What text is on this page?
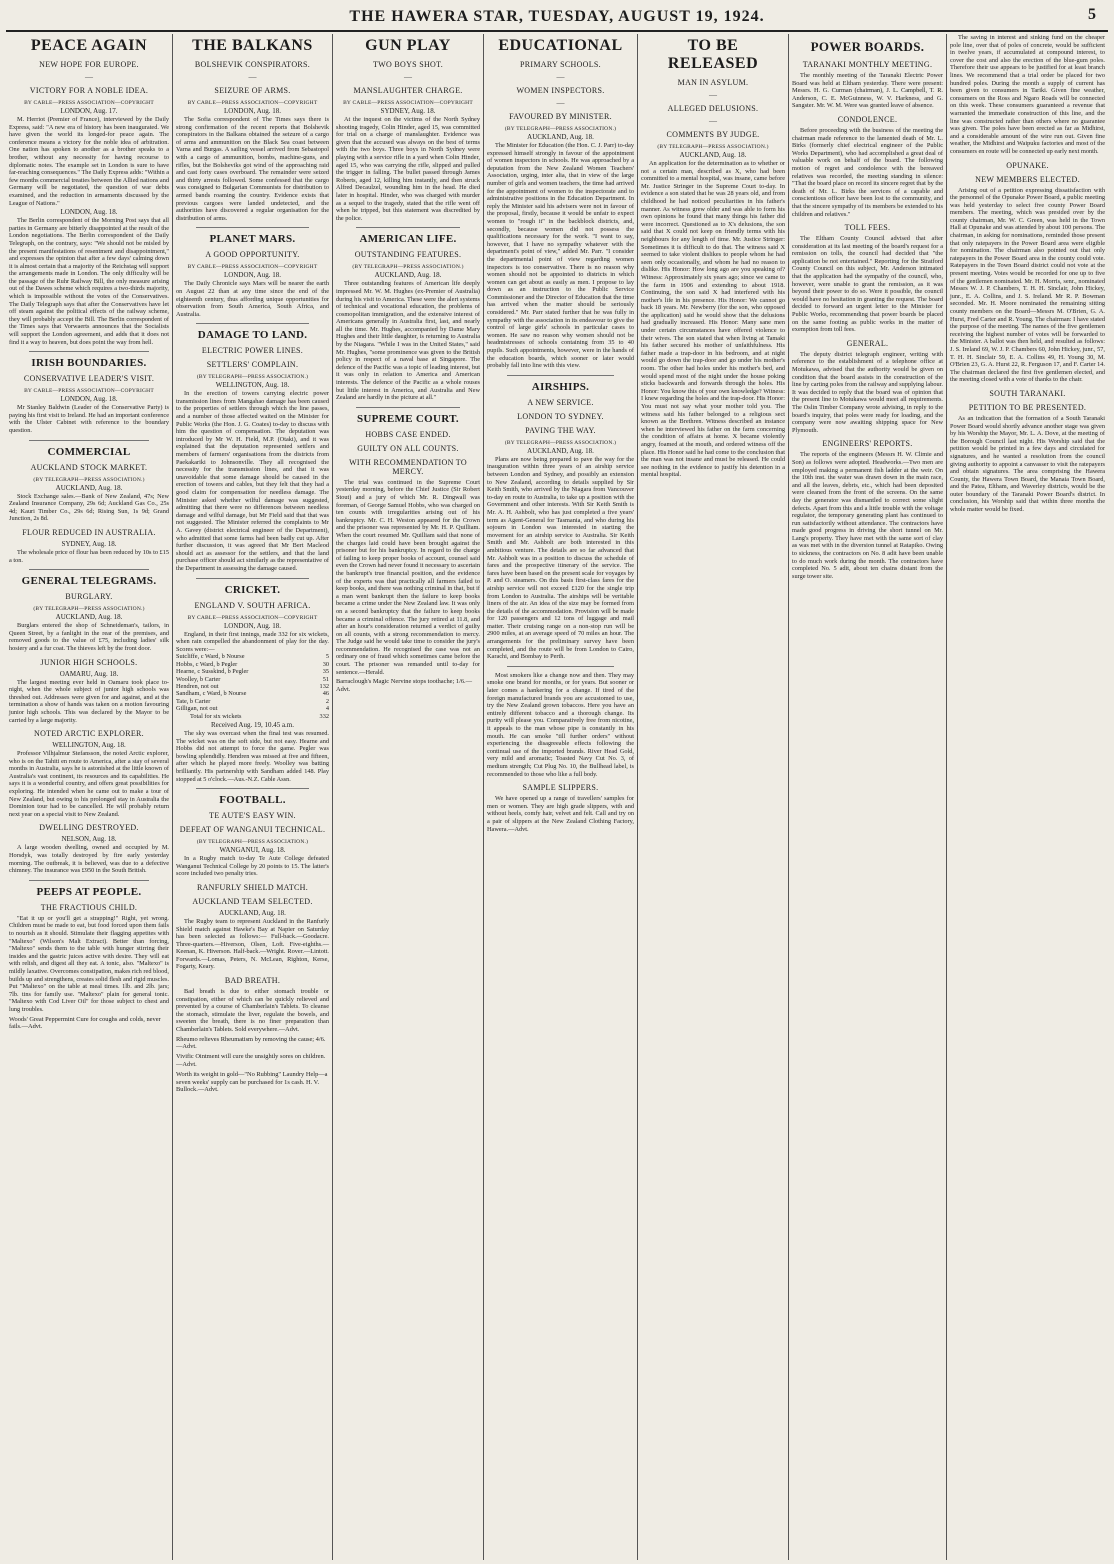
THE HAWERA STAR, TUESDAY, AUGUST 19, 1924.	5
PEACE AGAIN
NEW HOPE FOR EUROPE.
—
VICTORY FOR A NOBLE IDEA.
BY CABLE—PRESS ASSOCIATION—COPYRIGHT
LONDON, Aug. 17.

M. Herriot (Premier of France), interviewed by the Daily Express, said: "A new era of history has been inaugurated. We have given the world its longed-for peace again. The conference means a victory for the noble idea of arbitration. One nation has spoken to another as a brother speaks to a brother, without any necessity for having recourse to diplomatic notes. The example set in London is sure to have far-reaching consequences." The Daily Express adds: "Within a few months commercial treaties between the Allied nations and Germany will be negotiated, the question of war debts examined, and the reduction in armaments discussed by the League of Nations."

LONDON, Aug. 18.

The Berlin correspondent of the Morning Post says that all parties in Germany are bitterly disappointed at the result of the London negotiations. The Berlin correspondent of the Daily Telegraph, on the contrary, says: "We should not be misled by the present manifestations of resentment and disappointment," and expresses the opinion that after a few days' calming down it is almost certain that a majority of the Reichstag will support the arrangements made in London. The only difficulty will be the passage of the Ruhr Railway Bill, the only measure arising out of the Dawes scheme which requires a two-thirds majority, which is impossible without the votes of the Conservatives. The Daily Telegraph says that after the Conservatives have let off steam against the political effects of the railway scheme, they will probably accept the Bill. The Berlin correspondent of the Times says that Vorwaerts announces that the Socialists will support the London agreement, and adds that it does not find it a way to heaven, but does point the way from hell.

IRISH BOUNDARIES.
CONSERVATIVE LEADER'S VISIT.
BY CABLE—PRESS ASSOCIATION—COPYRIGHT
LONDON, Aug. 18.

Mr Stanley Baldwin (Leader of the Conservative Party) is paying his first visit to Ireland. He had an important conference with the Ulster Cabinet with reference to the boundary question.

COMMERCIAL
AUCKLAND STOCK MARKET.
(BY TELEGRAPH—PRESS ASSOCIATION.)
AUCKLAND, Aug. 18.

Stock Exchange sales.—Bank of New Zealand, 47s; New Zealand Insurance Company, 29s 6d; Auckland Gas Co., 25s 4d; Kauri Timber Co., 29s 6d; Rising Sun, 1s 9d; Grand Junction, 2s 8d.

FLOUR REDUCED IN AUSTRALIA.
SYDNEY, Aug. 18.

The wholesale price of flour has been reduced by 10s to £15 a ton.

GENERAL TELEGRAMS.
BURGLARY.
(BY TELEGRAPH—PRESS ASSOCIATION.)
AUCKLAND, Aug. 18.

Burglars entered the shop of Schneideman's, tailors, in Queen Street, by a fanlight in the rear of the premises, and removed goods to the value of £75, including ladies' silk hosiery and a fur coat. The thieves left by the front door.

JUNIOR HIGH SCHOOLS.
OAMARU, Aug. 18.

The largest meeting ever held in Oamaru took place to-night, when the whole subject of junior high schools was threshed out. Addresses were given for and against, and at the termination a show of hands was taken on a motion favouring junior high schools. This was declared by the Mayor to be carried by a large majority.

NOTED ARCTIC EXPLORER.
WELLINGTON, Aug. 18.

Professor Vilhjalmur Stefansson, the noted Arctic explorer, who is on the Tahiti en route to America, after a stay of several months in Australia, says he is astonished at the little known of Australia's vast continent, its resources and its capabilities. He says it is a wonderful country, and offers great possibilities for exploring. He intended when he came out to make a tour of New Zealand, but owing to his prolonged stay in Australia the Dominion tour had to be cancelled. He will probably return next year on a special visit to New Zealand.

DWELLING DESTROYED.
NELSON, Aug. 18.

A large wooden dwelling, owned and occupied by M. Horsdyk, was totally destroyed by fire early yesterday morning. The outbreak, it is believed, was due to a defective chimney. The insurance was £950 in the South British.

PEEPS AT PEOPLE.
THE FRACTIOUS CHILD.

"Eat it up or you'll get a strapping!" Right, yet wrong. Children must be made to eat, but food forced upon them fails to nourish as it should. Stimulate their flagging appetites with "Maltexo" (Wilson's Malt Extract). Better than forcing, "Maltexo" sends them to the table with hunger stirring their insides and the gastric juices active with desire. They will eat with relish, and digest all they eat. A tonic, also. "Maltexo" is mildly laxative. Overcomes constipation, makes rich red blood, builds up and strengthens, creates solid flesh and rigid muscles. Put "Maltexo" on the table at meal times. 1lb. and 2lb. jars; 7lb. tins for family use. "Maltexo" plain for general tonic. "Maltexo with Cod Liver Oil" for those subject to chest and lung troubles.

Woods' Great Peppermint Cure for coughs and colds, never fails.—Advt.
THE BALKANS
BOLSHEVIK CONSPIRATORS.
—
SEIZURE OF ARMS.
BY CABLE—PRESS ASSOCIATION—COPYRIGHT
LONDON, Aug. 18.

The Sofia correspondent of The Times says there is strong confirmation of the recent reports that Bolshevik conspirators in the Balkans obtained the seizure of a cargo of arms and ammunition on the Black Sea coast between Varna and Burgas. A sailing vessel arrived from Sebastopol with a cargo of ammunition, bombs, machine-guns, and rifles, but the Bolsheviks got wind of the approaching raid and cast forty cases overboard. The remainder were seized and thirty arrests followed. Some confessed that the cargo was consigned to Bulgarian Communists for distribution to armed bands roaming the country. Evidence exists that previous cargoes were landed undetected, and the authorities have discovered a regular organisation for the distribution of arms.

PLANET MARS.
A GOOD OPPORTUNITY.
BY CABLE—PRESS ASSOCIATION—COPYRIGHT
LONDON, Aug. 18.

The Daily Chronicle says Mars will be nearer the earth on August 22 than at any time since the end of the eighteenth century, thus affording unique opportunities for observation from South America, South Africa, and Australia.

DAMAGE TO LAND.
ELECTRIC POWER LINES.
SETTLERS' COMPLAIN.
(BY TELEGRAPH—PRESS ASSOCIATION.)
WELLINGTON, Aug. 18.

In the erection of towers carrying electric power transmission lines from Mangahao damage has been caused to the properties of settlers through which the line passes, and a number of those affected waited on the Minister for Public Works (the Hon. J. G. Coates) to-day to discuss with him the question of compensation. The deputation was introduced by Mr W. H. Field, M.P. (Otaki), and it was explained that the deputation represented settlers and members of farmers' organisations from the districts from Paekakariki to Johnsonville. They all recognised the necessity for the transmission lines, and that it was unavoidable that some damage should be caused in the erection of towers and cables, but they felt that they had a good claim for compensation for needless damage. The Minister asked whether wilful damage was suggested, admitting that there were no differences between needless damage and wilful damage, but Mr Field said that that was not suggested. The Minister referred the complaints to Mr A. Gavey (district electrical engineer of the Department), who admitted that some farms had been badly cut up. After further discussion, it was agreed that Mr Bert Macleod should act as assessor for the settlers, and that the land purchase officer should act similarly as the representative of the Department in assessing the damage caused.

CRICKET.
ENGLAND V. SOUTH AFRICA.
BY CABLE—PRESS ASSOCIATION—COPYRIGHT
LONDON, Aug. 18.

England, in their first innings, made 332 for six wickets, when rain compelled the abandonment of play for the day. Scores were:—

Sutcliffe, c Ward, b Nourse	5
Hobbs, c Ward, b Pegler	30
Hearne, c Susskind, b Pegler	35
Woolley, b Carter	51
Hendren, not out	132
Sandham, c Ward, b Nourse	46
Tate, b Carter	2
Gilligan, not out	4
Total for six wickets	332
Received Aug. 19, 10.45 a.m.

The sky was overcast when the final test was resumed. The wicket was on the soft side, but not easy. Hearne and Hobbs did not attempt to force the game. Pegler was bowling splendidly. Hendren was missed at five and fifteen, after which he played more freely. Woolley was batting brilliantly. His partnership with Sandham added 148. Play stopped at 5 o'clock.—Aus.-N.Z. Cable Assn.

FOOTBALL.
TE AUTE'S EASY WIN.
DEFEAT OF WANGANUI TECHNICAL.
(BY TELEGRAPH—PRESS ASSOCIATION.)
WANGANUI, Aug. 18.

In a Rugby match to-day Te Aute College defeated Wanganui Technical College by 20 points to 15. The latter's score included two penalty tries.

RANFURLY SHIELD MATCH.
AUCKLAND TEAM SELECTED.
AUCKLAND, Aug. 18.

The Rugby team to represent Auckland in the Ranfurly Shield match against Hawke's Bay at Napier on Saturday has been selected as follows:— Full-back.—Goodacre. Three-quarters.—Hiverson, Olsen, Loft. Five-eighths.—Keenan, K. Hiverson. Half-back.—Wright. Rover.—Lintott. Forwards.—Lomas, Peters, N. McLean, Righton, Kerse, Fogarty, Keary.

BAD BREATH.

Bad breath is due to either stomach trouble or constipation, either of which can be quickly relieved and prevented by a course of Chamberlain's Tablets. To cleanse the stomach, stimulate the liver, regulate the bowels, and sweeten the breath, there is no finer preparation than Chamberlain's Tablets. Sold everywhere.—Advt.

Rheumo relieves Rheumatism by removing the cause; 4/6.—Advt.
Vivific Ointment will cure the unsightly sores on children.—Advt.
Worth its weight in gold—"No Rubbing" Laundry Help—a seven weeks' supply can be purchased for 1s cash. H. V. Bullock.—Advt.
GUN PLAY
TWO BOYS SHOT.
—
MANSLAUGHTER CHARGE.
BY CABLE—PRESS ASSOCIATION—COPYRIGHT
SYDNEY, Aug. 18.

At the inquest on the victims of the North Sydney shooting tragedy, Colin Hinder, aged 15, was committed for trial on a charge of manslaughter. Evidence was given that the accused was always on the best of terms with the two boys. Three boys in North Sydney were playing with a service rifle in a yard when Colin Hinder, aged 15, who was carrying the rifle, slipped and pulled the trigger in falling. The bullet passed through James Roberts, aged 12, killing him instantly, and then struck Alfred Decaulzel, wounding him in the head. He died later in hospital. Hinder, who was charged with murder as a sequel to the tragedy, stated that the rifle went off when he tripped, but this statement was discredited by the police.

AMERICAN LIFE.
OUTSTANDING FEATURES.
(BY TELEGRAPH—PRESS ASSOCIATION.)
AUCKLAND, Aug. 18.

Three outstanding features of American life deeply impressed Mr. W. M. Hughes (ex-Premier of Australia) during his visit to America. These were the alert systems of technical and vocational education, the problems of cosmopolitan immigration, and the extensive interest of Americans generally in Australia first, last, and nearly all the time. Mr. Hughes, accompanied by Dame Mary Hughes and their little daughter, is returning to Australia by the Niagara. "While I was in the United States," said Mr. Hughes, "some prominence was given to the British policy in respect of a naval base at Singapore. The defence of the Pacific was a topic of leading interest, but it was only in relation to America and American interests. The defence of the Pacific as a whole rouses but little interest in America, and Australia and New Zealand are hardly in the picture at all."

SUPREME COURT.
HOBBS CASE ENDED.
GUILTY ON ALL COUNTS.
WITH RECOMMENDATION TO MERCY.

The trial was continued in the Supreme Court yesterday morning, before the Chief Justice (Sir Robert Stout) and a jury of which Mr. R. Dingwall was foreman, of George Samuel Hobbs, who was charged on ten counts with irregularities arising out of his bankruptcy. Mr. C. H. Weston appeared for the Crown and the prisoner was represented by Mr. H. P. Quilliam. When the court resumed Mr. Quilliam said that none of the charges laid could have been brought against the prisoner but for his bankruptcy. In regard to the charge of failing to keep proper books of account, counsel said even the Crown had never found it necessary to ascertain the bankrupt's true financial position, and the evidence of the experts was that practically all farmers failed to keep books, and there was nothing criminal in that, but if a man went bankrupt then the failure to keep books became a crime under the New Zealand law. It was only on a second bankruptcy that the failure to keep books became a criminal offence. The jury retired at 11.8, and after an hour's consideration returned a verdict of guilty on all counts, with a strong recommendation to mercy. The Judge said he would take time to consider the jury's recommendation. He recognised the case was not an ordinary one of fraud which sometimes came before the court. The prisoner was remanded until to-day for sentence.—Herald.

Barraclough's Magic Nervine stops toothache; 1/6.—Advt.
EDUCATIONAL
PRIMARY SCHOOLS.
—
WOMEN INSPECTORS.
—
FAVOURED BY MINISTER.
(BY TELEGRAPH—PRESS ASSOCIATION.)
AUCKLAND, Aug. 18.

The Minister for Education (the Hon. C. J. Parr) to-day expressed himself strongly in favour of the appointment of women inspectors in schools. He was approached by a deputation from the New Zealand Women Teachers' Association, urging, inter alia, that in view of the large number of girls and women teachers, the time had arrived for the appointment of women to the inspectorate and to administrative positions in the Education Department. In reply the Minister said his advisers were not in favour of the proposal, firstly, because it would be unfair to expect women to "rough it" in the backblock districts, and, secondly, because women did not possess the qualifications necessary for the work. "I want to say, however, that I have no sympathy whatever with the department's point of view," added Mr. Parr. "I consider the departmental point of view regarding women inspectors is too conservative. There is no reason why women should not be appointed to districts in which women can get about as easily as men. I propose to lay down as an instruction to the Public Service Commissioner and the Director of Education that the time has arrived when the matter should be seriously considered." Mr. Parr stated further that he was fully in sympathy with the association in its endeavour to give the control of large girls' schools in particular cases to women. He saw no reason why women should not be headmistresses of schools containing from 35 to 40 pupils. Such appointments, however, were in the hands of the education boards, which sooner or later would probably fall into line with this view.

AIRSHIPS.
A NEW SERVICE.
LONDON TO SYDNEY.
PAVING THE WAY.
(BY TELEGRAPH—PRESS ASSOCIATION.)
AUCKLAND, Aug. 18.

Plans are now being prepared to pave the way for the inauguration within three years of an airship service between London and Sydney, and possibly an extension to New Zealand, according to details supplied by Sir Keith Smith, who arrived by the Niagara from Vancouver to-day en route to Australia, to take up a position with the Government and other interests. With Sir Keith Smith is Mr. A. H. Ashbolt, who has just completed a five years' term as Agent-General for Tasmania, and who during his sojourn in London was interested in starting the movement for an airship service to Australia. Sir Keith Smith and Mr. Ashbolt are both interested in this ambitious venture. The details are so far advanced that Mr. Ashbolt was in a position to discuss the schedule of fares and the prospective itinerary of the service. The fares have been based on the present scale for voyages by P. and O. steamers. On this basis first-class fares for the airship service will not exceed £120 for the single trip from London to Australia. The airships will be veritable liners of the air. An idea of the size may be formed from the details of the accommodation. Provision will be made for 120 passengers and 12 tons of luggage and mail matter. Their cruising range on a non-stop run will be 2900 miles, at an average speed of 70 miles an hour. The arrangements for the preliminary survey have been completed, and the route will be from London to Cairo, Karachi, and Bombay to Perth.

Most smokers like a change now and then. They may smoke one brand for months, or for years. But sooner or later comes a hankering for a change. If tired of the foreign manufactured brands you are accustomed to use, try the New Zealand grown tobaccos. Here you have an entirely different tobacco and a thorough change. Its purity will please you. Comparatively free from nicotine, it appeals to the man whose pipe is constantly in his mouth. He can smoke "till further orders" without experiencing the disagreeable effects following the continual use of the imported brands. River Head Gold, very mild and aromatic; Toasted Navy Cut No. 3, of medium strength; Cut Plug No. 10, the Bullhead label, is recommended to those who like a full body.

SAMPLE SLIPPERS.

We have opened up a range of travellers' samples for men or women. They are high grade slippers, with and without heels, comfy hair, velvet and felt. Call and try on a pair of slippers at the New Zealand Clothing Factory, Hawera.—Advt.

TO BE RELEASED
MAN IN ASYLUM.
—
ALLEGED DELUSIONS.
—
COMMENTS BY JUDGE.
(BY TELEGRAPH—PRESS ASSOCIATION.)
AUCKLAND, Aug. 18.

An application for the determination as to whether or not a certain man, described as X, who had been committed to a mental hospital, was insane, came before Mr. Justice Stringer in the Supreme Court to-day. In evidence a son stated that he was 28 years old, and from childhood he had noticed peculiarities in his father's manner. As witness grew older and was able to form his own opinions he found that many things his father did were incorrect. Questioned as to X's delusions, the son said that X could not keep on friendly terms with his neighbours for any length of time. Mr. Justice Stringer: Sometimes it is difficult to do that. The witness said X seemed to take violent dislikes to people whom he had seen only occasionally, and whom he had no reason to dislike. His Honor: How long ago are you speaking of? Witness: Approximately six years ago; since we came to the farm in 1906 and extending to about 1918. Continuing, the son said X had interfered with his mother's life in his presence. His Honor: We cannot go back 18 years. Mr. Newberry (for the son, who opposed the application) said he would show that the delusions had gradually increased. His Honor: Many sane men under certain circumstances have offered violence to their wives. The son stated that when living at Tamaki his father secured his mother of unfaithfulness. His father made a trap-door in his bedroom, and at night would go down the trap-door and go under his mother's room. The other had holes under his mother's bed, and would spend most of the night under the house poking sticks backwards and forwards through the holes. His Honor: You know this of your own knowledge? Witness: I knew regarding the holes and the trap-door. His Honor: You must not say what your mother told you. The witness said his father belonged to a religious sect known as the Brethren. Witness described an instance when he interviewed his father on the farm concerning the condition of affairs at home. X became violently angry, foamed at the mouth, and ordered witness off the place. His Honor said he had come to the conclusion that the man was not insane and must be released. He could see nothing in the evidence to justify his detention in a mental hospital.

POWER BOARDS.
TARANAKI MONTHLY MEETING.

The monthly meeting of the Taranaki Electric Power Board was held at Eltham yesterday. There were present: Messrs. H. G. Curman (chairman), J. L. Campbell, T. R. Anderson, C. E. McGuinness, W. V. Harkness, and G. Sangster. Mr. W. M. Were was granted leave of absence.

CONDOLENCE.

Before proceeding with the business of the meeting the chairman made reference to the lamented death of Mr. L. Birks (formerly chief electrical engineer of the Public Works Department), who had accomplished a great deal of valuable work on behalf of the board. The following motion of regret and condolence with the bereaved relatives was recorded, the meeting standing in silence: "That the board place on record its sincere regret that by the death of Mr. L. Birks the services of a capable and conscientious officer have been lost to the community, and that the sincere sympathy of its members be extended to his children and relatives."

TOLL FEES.

The Eltham County Council advised that after consideration at its last meeting of the board's request for a remission on tolls, the council had decided that "the application be not entertained." Reporting for the Stratford County Council on this subject, Mr. Anderson intimated that the application had the sympathy of the council, who, however, were unable to grant the remission, as it was beyond their power to do so. Were it possible, the council would have no hesitation in granting the request. The board decided to forward an urgent letter to the Minister for Public Works, recommending that power boards be placed on the same footing as public works in the matter of exemption from toll fees.

GENERAL.

The deputy district telegraph engineer, writing with reference to the establishment of a telephone office at Motukawa, advised that the authority would be given on condition that the board assists in the construction of the line by carting poles from the railway and supplying labour. It was decided to reply that the board was of opinion that the present line to Motukawa would meet all requirements. The Oslin Timber Company wrote advising, in reply to the board's inquiry, that poles were ready for loading, and the company were now awaiting shipping space for New Plymouth.

ENGINEERS' REPORTS.

The reports of the engineers (Messrs H. W. Climie and Son) as follows were adopted. Headworks.—Two men are employed making a permanent fish ladder at the weir. On the 10th inst. the water was drawn down in the main race, and all the leaves, debris, etc., which had been deposited were cleaned from the front of the screens. On the same day the generator was dismantled to correct some slight defects. Apart from this and a little trouble with the voltage regulator, the temporary generating plant has continued to run satisfactorily without attendance. The contractors have made good progress in driving the short tunnel on Mr. Lang's property. They have met with the same sort of clay as was met with in the diversion tunnel at Ratapiko. Owing to sickness, the contractors on No. 8 adit have been unable to do much work during the month. The contractors have completed No. 5 adit, about ten chains distant from the surge tower site.

The saving in interest and sinking fund on the cheaper pole line, over that of poles of concrete, would be sufficient in twelve years, if accumulated at compound interest, to cover the cost and also the erection of the blue-gum poles. Therefore their use appears to be justified for at least branch lines. We recommend that a trial order be placed for two hundred poles. During the month a supply of current has been given to consumers in Tariki. Given fine weather, consumers on the Ross and Ngaro Roads will be connected on this week. These consumers guaranteed a revenue that warranted the immediate construction of this line, and the line was constructed rather than others where no guarantee was given. The poles have been erected as far as Midhirst, and a considerable amount of the wire run out. Given fine weather, the Midhirst and Waipuku factories and most of the consumers en route will be connected up early next month.

OPUNAKE.
NEW MEMBERS ELECTED.

Arising out of a petition expressing dissatisfaction with the personnel of the Opunake Power Board, a public meeting was held yesterday to select five county Power Board members. The meeting, which was presided over by the county chairman, Mr. W. C. Green, was held in the Town Hall at Opunake and was attended by about 100 persons. The chairman, in asking for nominations, reminded those present that only ratepayers in the Power Board area were eligible for nomination. The chairman also pointed out that only ratepayers in the Power Board area in the county could vote. Ratepayers in the Town Board district could not vote at the present meeting. Votes would be recorded for one up to five of the gentlemen nominated. Mr. H. Morris, senr., nominated Messrs W. J. P. Chambers, T. H. H. Sinclair, John Hickey, junr., E. A. Collins, and J. S. Ireland. Mr R. P. Bowman seconded. Mr. H. Moore nominated the remaining sitting county members on the Board—Messrs M. O'Brien, G. A. Hurst, Fred Carter and R. Young. The chairman: I have stated the purpose of the meeting. The names of the five gentlemen receiving the highest number of votes will be forwarded to the Minister. A ballot was then held, and resulted as follows: J. S. Ireland 69, W. J. P. Chambers 60, John Hickey, junr., 57, T. H. H. Sinclair 59, E. A. Collins 49, H. Young 30, M. O'Brien 23, G. A. Hurst 22, R. Ferguson 17, and F. Carter 14. The chairman declared the first five gentlemen elected, and the meeting closed with a vote of thanks to the chair.

SOUTH TARANAKI.
PETITION TO BE PRESENTED.

As an indication that the formation of a South Taranaki Power Board would shortly advance another stage was given by his Worship the Mayor, Mr. L. A. Dove, at the meeting of the Borough Council last night. His Worship said that the petition would be printed in a few days and circulated for signatures, and he wanted a resolution from the council giving authority to appoint a canvasser to visit the ratepayers and obtain signatures. The area comprising the Hawera County, the Hawera Town Board, the Manaia Town Board, and the Patea, Eltham, and Waverley districts, would be the outer boundary of the Taranaki Power Board's district. In conclusion, his Worship said that within three months the whole matter would be fixed.
